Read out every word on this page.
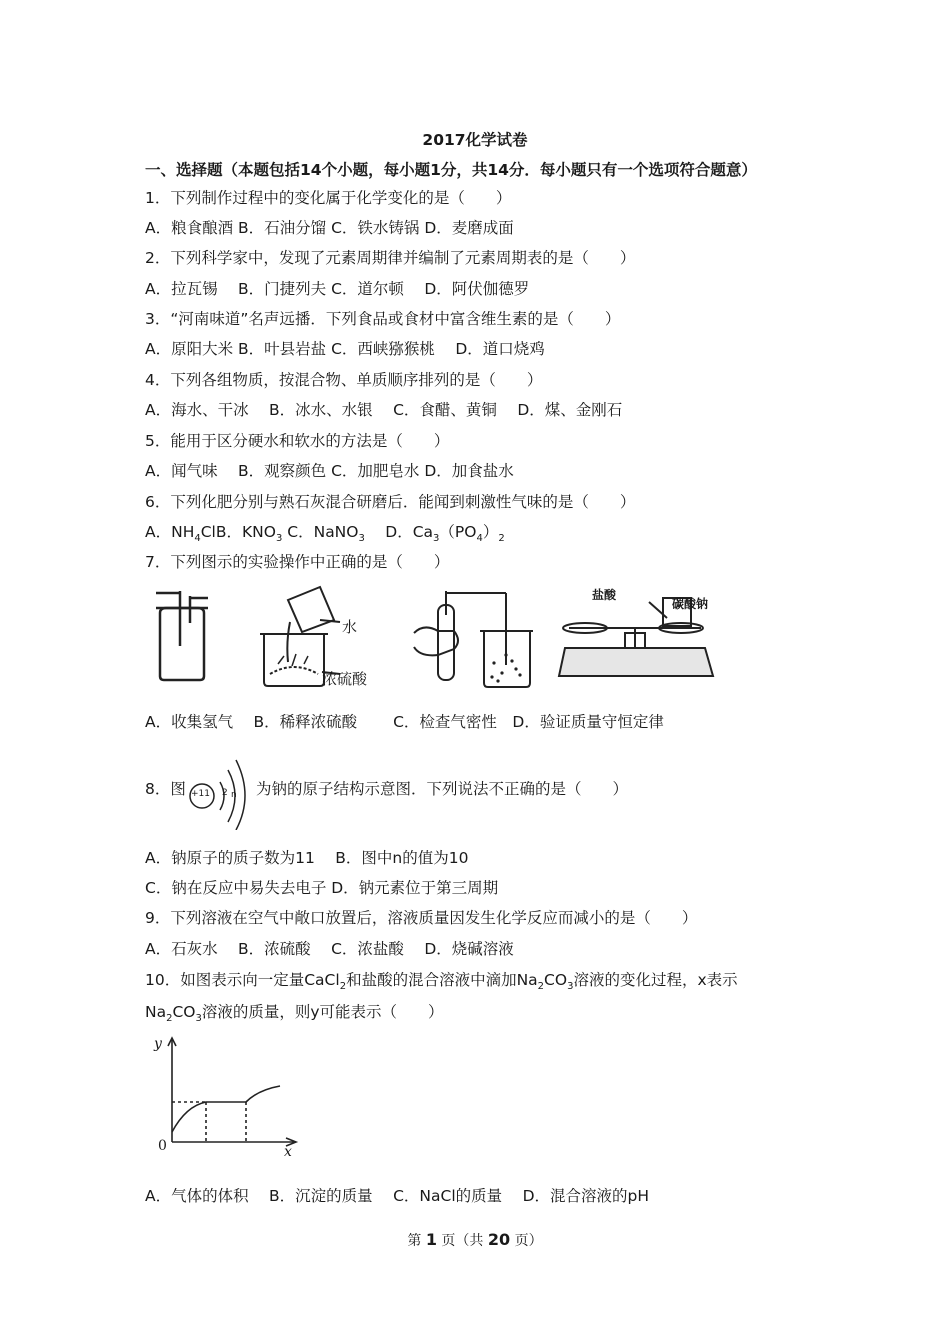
2017化学试卷
一、选择题（本题包括14个小题，每小题1分，共14分．每小题只有一个选项符合题意）
1．下列制作过程中的变化属于化学变化的是（　　）
A．粮食酿酒 B．石油分馏 C．铁水铸锅 D．麦磨成面
2．下列科学家中，发现了元素周期律并编制了元素周期表的是（　　）
A．拉瓦锡　 B．门捷列夫 C．道尔顿　 D．阿伏伽德罗
3．“河南味道”名声远播．下列食品或食材中富含维生素的是（　　）
A．原阳大米 B．叶县岩盐 C．西峡猕猴桃　 D．道口烧鸡
4．下列各组物质，按混合物、单质顺序排列的是（　　）
A．海水、干冰　 B．冰水、水银　 C．食醋、黄铜　 D．煤、金刚石
5．能用于区分硬水和软水的方法是（　　）
A．闻气味　 B．观察颜色 C．加肥皂水 D．加食盐水
6．下列化肥分别与熟石灰混合研磨后．能闻到刺激性气味的是（　　）
A．$NH_4ClB$．$KNO_3$ C．NaNO$_3$　 D．$Ca_3(PO_4)_2$
7．下列图示的实验操作中正确的是（　　）
水
浓硫酸
盐酸
碳酸钠
A．收集氢气　 B．稀释浓硫酸　　 C．检查气密性　D．验证质量守恒定律
8．图 +11 2 n 为钠的原子结构示意图．下列说法不正确的是（　　）
A．钠原子的质子数为11　 B．图中n的值为10
C．钠在反应中易失去电子 D．钠元素位于第三周期
9．下列溶液在空气中敞口放置后，溶液质量因发生化学反应而减小的是（　　）
A．石灰水　 B．浓硫酸　 C．浓盐酸　 D．烧碱溶液
10．如图表示向一定量CaCl$_2$和盐酸的混合溶液中滴加$Na_2CO_3$溶液的变化过程，x表示
$Na_2CO_3$溶液的质量，则y可能表示（　　）
y
x
0
A．气体的体积　 B．沉淀的质量　 C．NaCl的质量　 D．混合溶液的pH
第 1 页（共 20 页）
